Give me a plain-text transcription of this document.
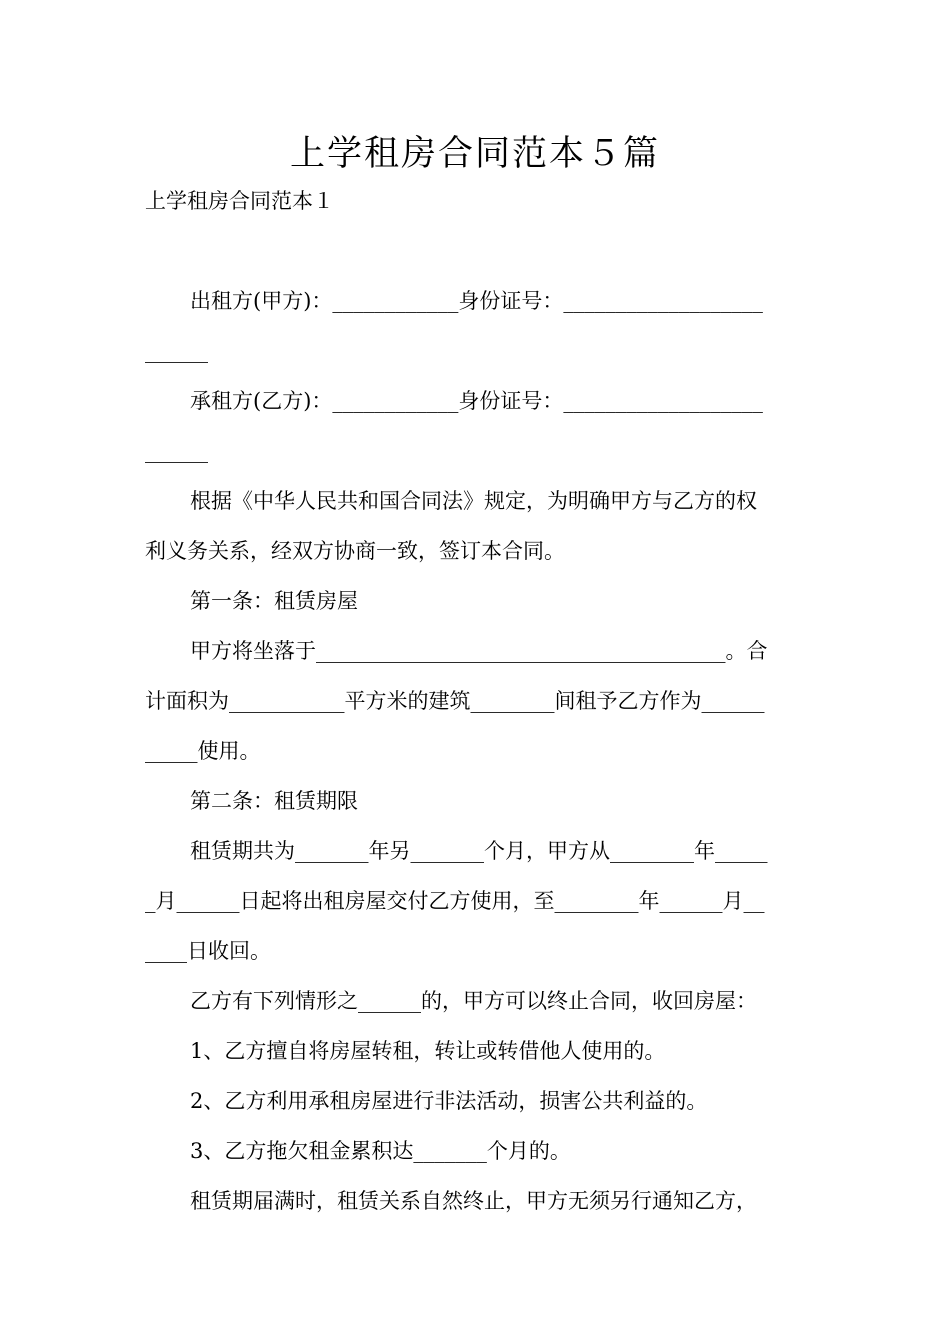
上学租房合同范本５篇
上学租房合同范本１
出租方(甲方)：____________身份证号：___________________
______
承租方(乙方)：____________身份证号：___________________
______
根据《中华人民共和国合同法》规定，为明确甲方与乙方的权
利义务关系，经双方协商一致，签订本合同。
第一条：租赁房屋
甲方将坐落于_______________________________________。合
计面积为___________平方米的建筑________间租予乙方作为______
_____使用。
第二条：租赁期限
租赁期共为_______年另_______个月，甲方从________年_____
_月______日起将出租房屋交付乙方使用，至________年______月__
____日收回。
乙方有下列情形之______的，甲方可以终止合同，收回房屋：
1、乙方擅自将房屋转租，转让或转借他人使用的。
2、乙方利用承租房屋进行非法活动，损害公共利益的。
3、乙方拖欠租金累积达_______个月的。
租赁期届满时，租赁关系自然终止，甲方无须另行通知乙方，
